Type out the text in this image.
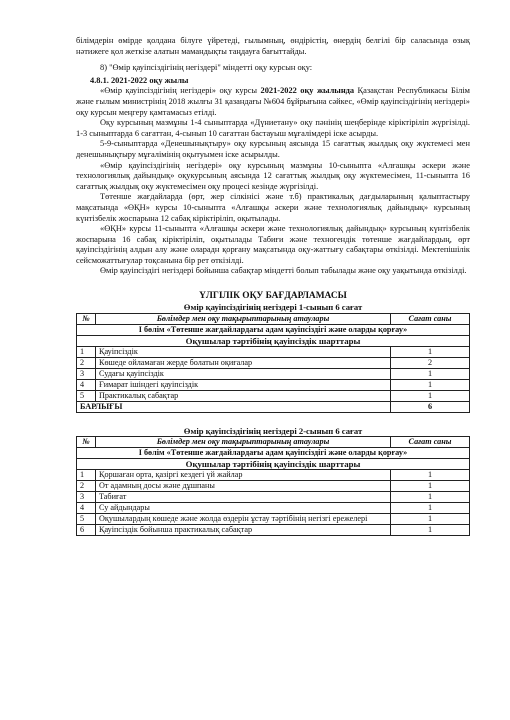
білімдерін өмірде қолдана білуге үйретеді, ғылымның, өндірістің, өнердің белгілі бір саласында өзық нәтижеге қол жеткізе алатын мамандықты таңдауға бағыттайды.

8) "Өмір қауіпсіздігінің негіздері" міндетті оқу курсын оқу:

4.8.1. 2021-2022 оқу жылы

«Өмір қауіпсіздігінің негіздері» оқу курсы 2021-2022 оқу жылында Қазақстан Республикасы Білім және ғылым министрінің 2018 жылғы 31 қазандағы №604 бұйрығына сәйкес, «Өмір қауіпсіздігінің негіздері» оқу курсын меңгеру қамтамасыз етілді.

Оқу курсының мазмұны 1-4 сыныптарда «Дүниетану» оқу пәнінің шеңберінде кіріктіріліп жүргізілді. 1-3 сыныптарда 6 сағаттан, 4-сынып 10 сағаттан бастауыш мұғалімдері іске асырды.

5-9-сыныптарда «Денешынықтыру» оқу курсының аясында 15 сағаттық жылдық оқу жүктемесі мен денешынықтыру мұғалімінің оқытуымен іске асырылды.

«Өмір қауіпсіздігінің негіздері» оқу курсының мазмұны 10-сыныпта «Алғашқы әскери және технологиялық дайындық» оқукурсының аясында 12 сағаттық жылдық оқу жүктемесімен, 11-сыныпта 16 сағаттық жылдық оқу жүктемесімен оқу процесі кезінде жүргізілді.

Төтенше жағдайларда (өрт, жер сілкінісі және т.б) практикалық дағдыларының қалыптастыру мақсатында «ӨҚН» курсы 10-сыныпта «Алғашқы әскери және технологиялық дайындық» курсының күнтізбелік жоспарына 12 сабақ кіріктіріліп, оқытылады.

«ӨҚН» курсы 11-сыныпта «Алғашқы әскери және технологиялық дайындық» курсының күнтізбелік жоспарына 16 сабақ кіріктіріліп, оқытылады Табиғи және техногендік төтенше жағдайлардың, өрт қауіпсіздігінің алдын алу және оларадн қорғану мақсатында оқу-жаттығу сабақтары өткізілді. Мектепішілік сейсможаттығулар тоқсанына бір рет өткізілді.

Өмір қауіпсіздігі негіздері бойынша сабақтар міндетті болып табылады және оқу уақытында өткізілді.

ҮЛГІЛІК ОҚУ БАҒДАРЛАМАСЫ
Өмір қауіпсіздігінің негіздері 1-сынып 6 сағат
№	Бөлімдер мен оқу тақырыптарының атаулары	Сағат саны
I бөлім «Төтенше жағдайлардағы адам қауіпсіздігі және оларды қорғау»		
Оқушылар тәртібінің қауіпсіздік шарттары		
1	Қауіпсіздік	1
2	Көшеде ойламаған жерде болатын оқиғалар	2
3	Судағы қауіпсіздік	1
4	Ғимарат ішіндегі қауіпсіздік	1
5	Практикалық сабақтар	1
БАРЛЫҒЫ		6
Өмір қауіпсіздігінің негіздері 2-сынып 6 сағат
№	Бөлімдер мен оқу тақырыптарының атаулары	Сағат саны
I бөлім «Төтенше жағдайлардағы адам қауіпсіздігі және оларды қорғау»		
Оқушылар тәртібінің қауіпсіздік шарттары		
1	Қоршаған орта, қазіргі кездегі үй жайлар	1
2	От адамның досы және дұшпаны	1
3	Табиғат	1
4	Су айдындары	1
5	Оқушылардың көшеде және жолда өздерін ұстау тәртібінің негізгі ережелері	1
6	Қауіпсіздік бойынша практикалық сабақтар	1
